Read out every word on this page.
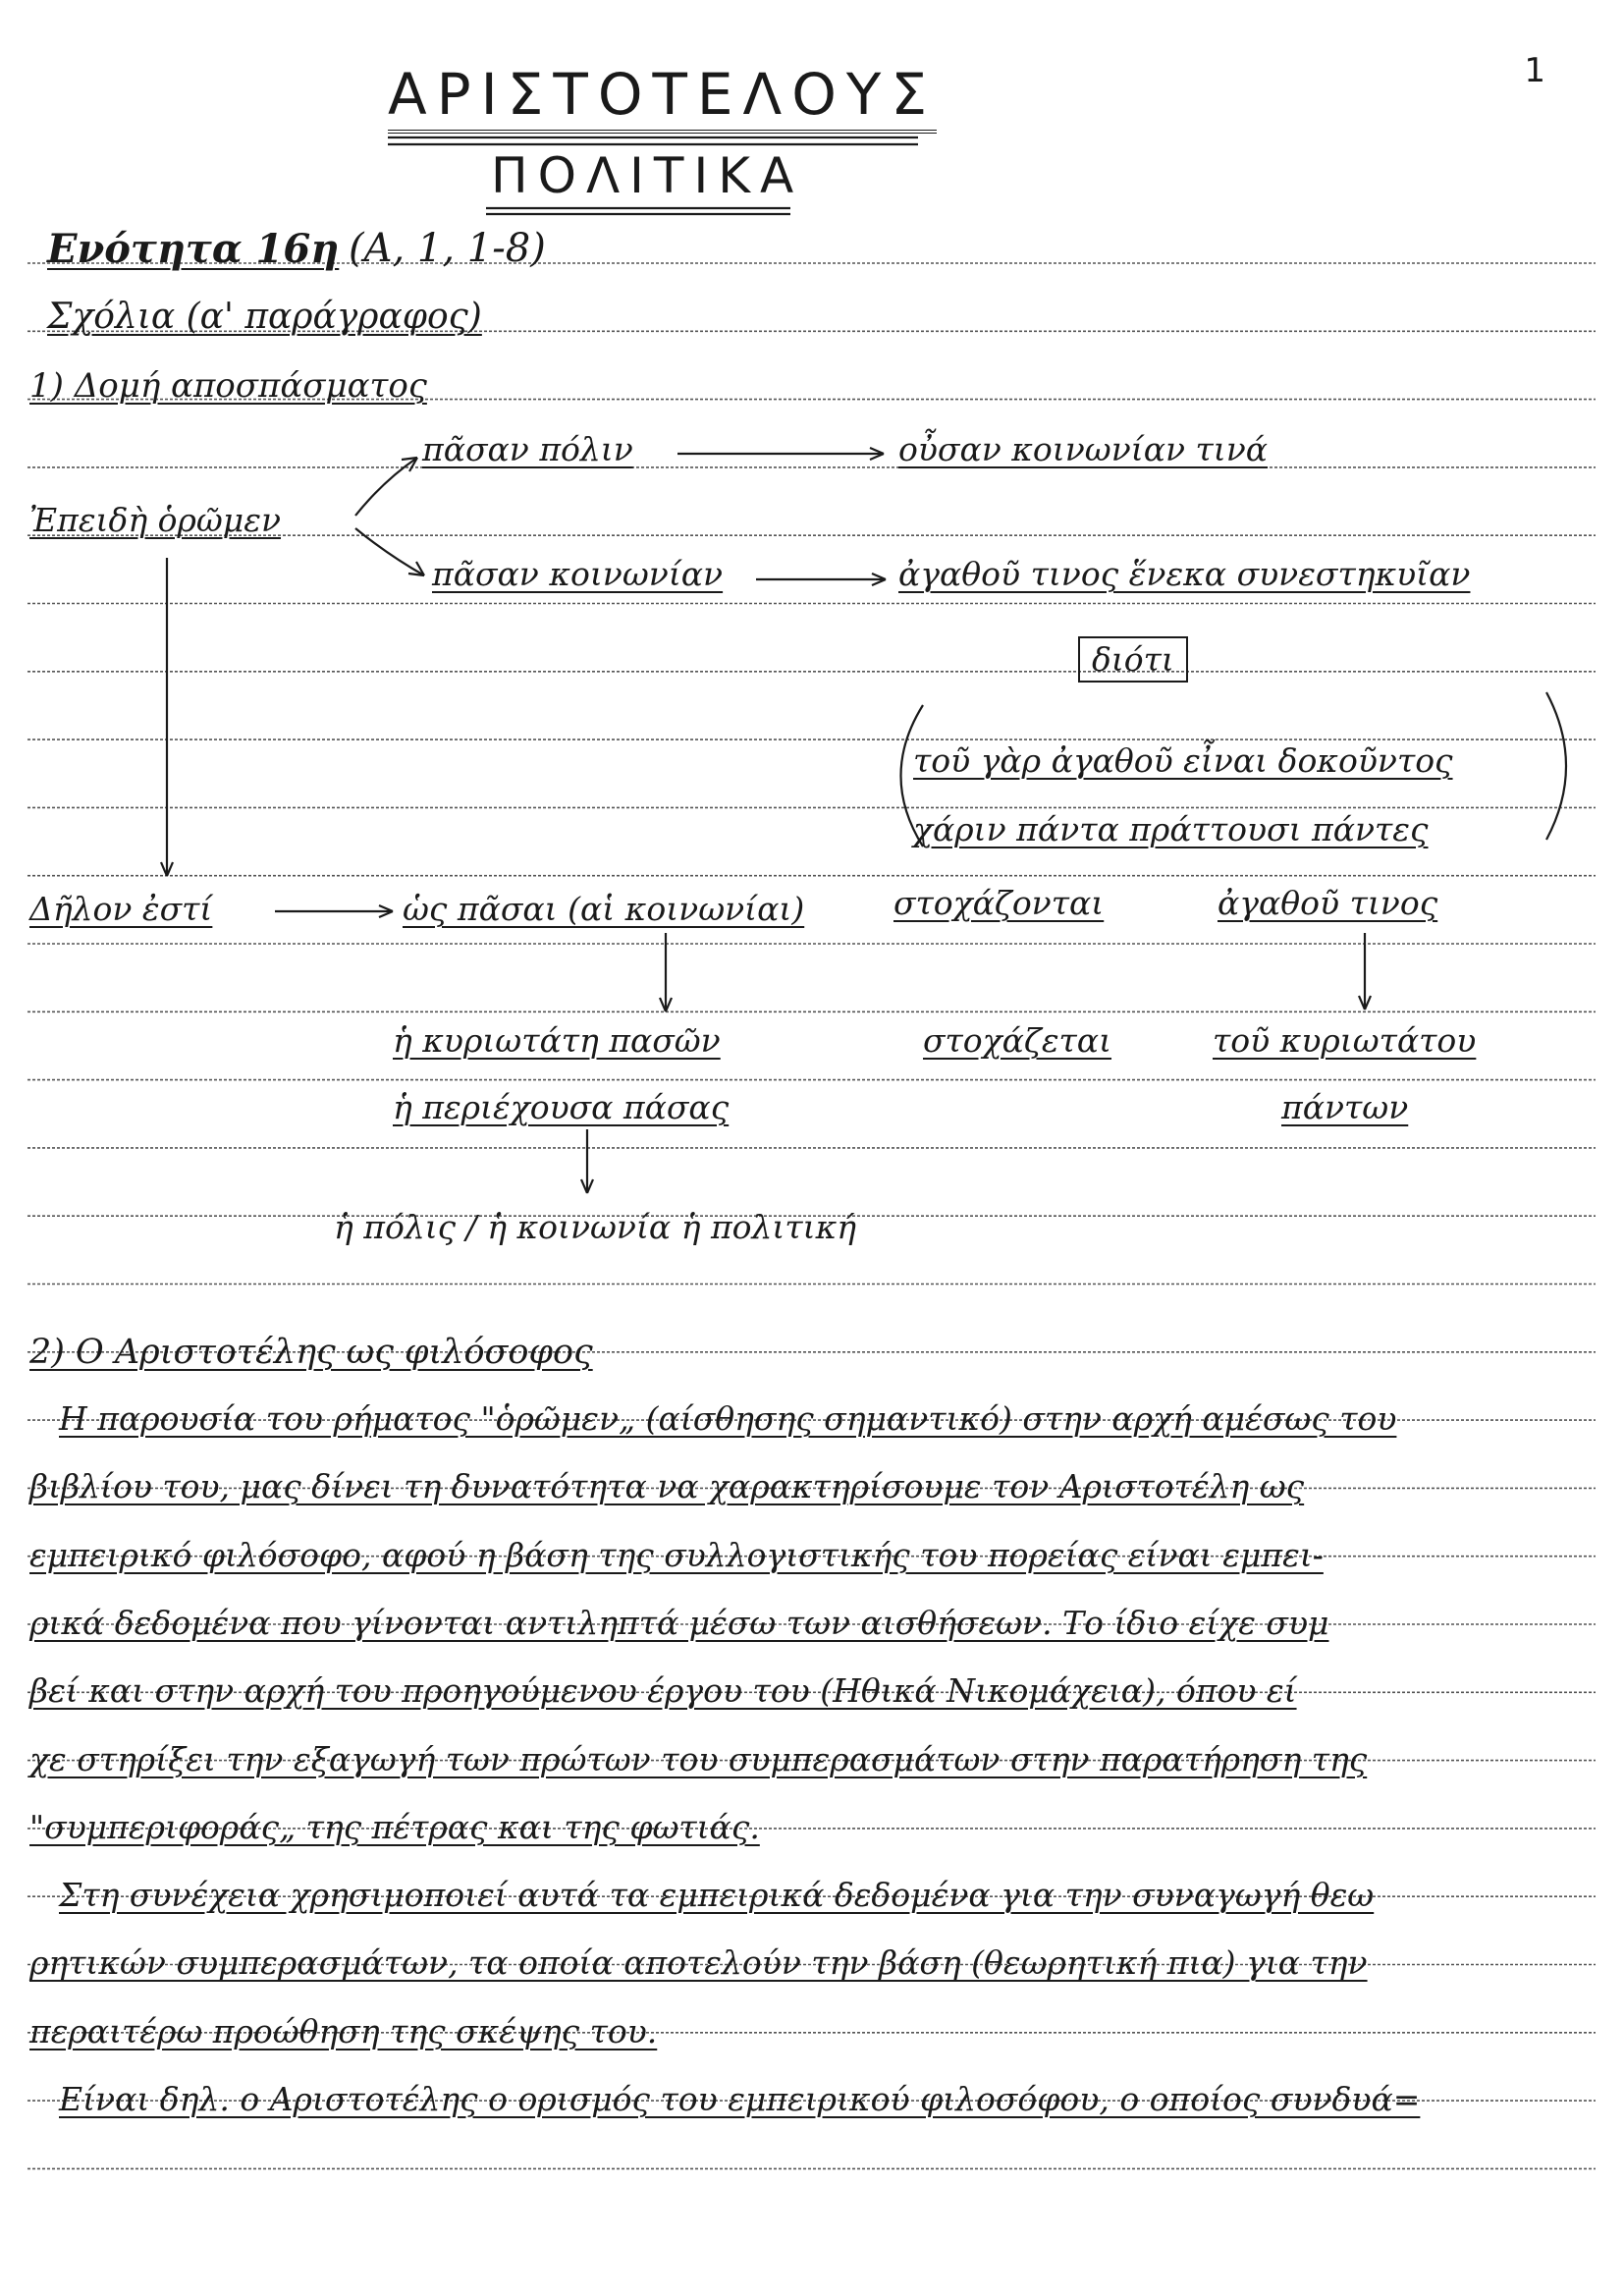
1
ΑΡΙΣΤΟΤΕΛΟΥΣ
ΠΟΛΙΤΙΚΑ
Ενότητα 16η (Α, 1, 1-8)
Σχόλια (α' παράγραφος)
1) Δομή αποσπάσματος
πᾶσαν πόλιν	οὖσαν κοινωνίαν τινά
Ἐπειδὴ ὁρῶμεν
πᾶσαν κοινωνίαν	ἀγαθοῦ τινος ἕνεκα συνεστηκυῖαν
διότι
τοῦ γὰρ ἀγαθοῦ εἶναι δοκοῦντος
χάριν πάντα πράττουσι πάντες
Δῆλον ἐστί	ὡς πᾶσαι (αἱ κοινωνίαι)	στοχάζονται	ἀγαθοῦ τινος
ἡ κυριωτάτη πασῶν	στοχάζεται	τοῦ κυριωτάτου
ἡ περιέχουσα πάσας	πάντων
ἡ πόλις / ἡ κοινωνία ἡ πολιτική
2) Ο Αριστοτέλης ως φιλόσοφος
Η παρουσία του ρήματος "ὁρῶμεν„ (αίσθησης σημαντικό) στην αρχή αμέσως του
βιβλίου του, μας δίνει τη δυνατότητα να χαρακτηρίσουμε τον Αριστοτέλη ως
εμπειρικό φιλόσοφο, αφού η βάση της συλλογιστικής του πορείας είναι εμπει-
ρικά δεδομένα που γίνονται αντιληπτά μέσω των αισθήσεων. Το ίδιο είχε συμ
βεί και στην αρχή του προηγούμενου έργου του (Ηθικά Νικομάχεια), όπου εί
χε στηρίξει την εξαγωγή των πρώτων του συμπερασμάτων στην παρατήρηση της
"συμπεριφοράς„ της πέτρας και της φωτιάς.
Στη συνέχεια χρησιμοποιεί αυτά τα εμπειρικά δεδομένα για την συναγωγή θεω
ρητικών συμπερασμάτων, τα οποία αποτελούν την βάση (θεωρητική πια) για την
περαιτέρω προώθηση της σκέψης του.
Είναι δηλ. ο Αριστοτέλης ο ορισμός του εμπειρικού φιλοσόφου, ο οποίος συνδυά=
